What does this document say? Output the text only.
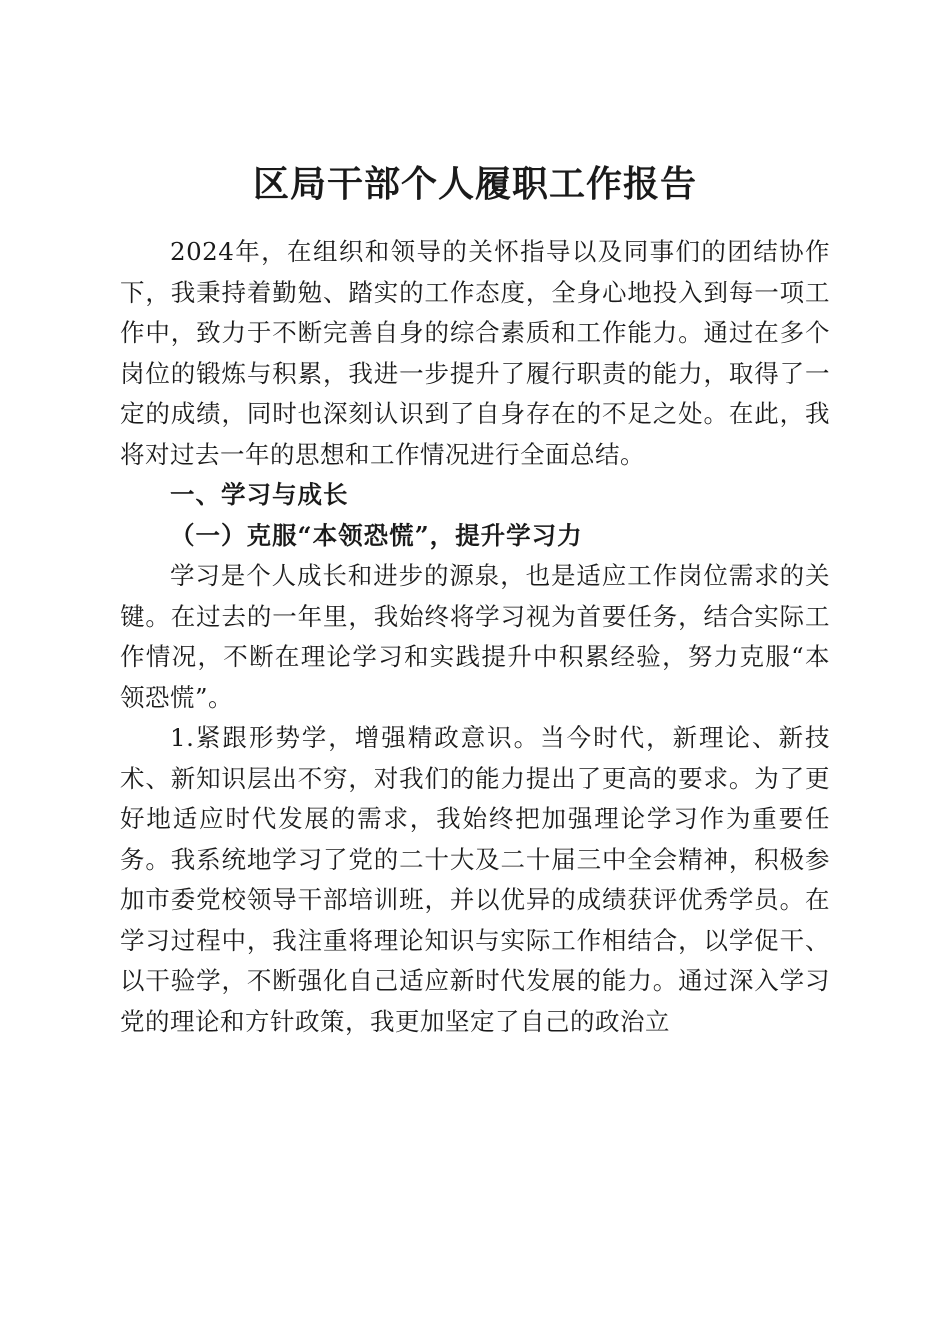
区局干部个人履职工作报告

2024年，在组织和领导的关怀指导以及同事们的团结协作下，我秉持着勤勉、踏实的工作态度，全身心地投入到每一项工作中，致力于不断完善自身的综合素质和工作能力。通过在多个岗位的锻炼与积累，我进一步提升了履行职责的能力，取得了一定的成绩，同时也深刻认识到了自身存在的不足之处。在此，我将对过去一年的思想和工作情况进行全面总结。

一、学习与成长

（一）克服“本领恐慌”，提升学习力

学习是个人成长和进步的源泉，也是适应工作岗位需求的关键。在过去的一年里，我始终将学习视为首要任务，结合实际工作情况，不断在理论学习和实践提升中积累经验，努力克服“本领恐慌”。

1.紧跟形势学，增强精政意识。当今时代，新理论、新技术、新知识层出不穷，对我们的能力提出了更高的要求。为了更好地适应时代发展的需求，我始终把加强理论学习作为重要任务。我系统地学习了党的二十大及二十届三中全会精神，积极参加市委党校领导干部培训班，并以优异的成绩获评优秀学员。在学习过程中，我注重将理论知识与实际工作相结合，以学促干、以干验学，不断强化自己适应新时代发展的能力。通过深入学习党的理论和方针政策，我更加坚定了自己的政治立
